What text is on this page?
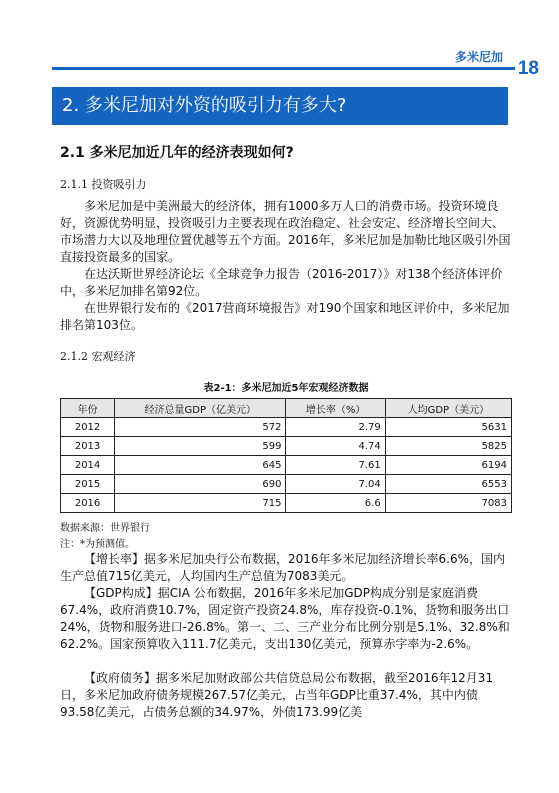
多米尼加
18
2. 多米尼加对外资的吸引力有多大?
2.1 多米尼加近几年的经济表现如何?
2.1.1 投资吸引力

多米尼加是中美洲最大的经济体，拥有1000多万人口的消费市场。投资环境良好，资源优势明显，投资吸引力主要表现在政治稳定、社会安定、经济增长空间大、市场潜力大以及地理位置优越等五个方面。2016年，多米尼加是加勒比地区吸引外国直接投资最多的国家。

在达沃斯世界经济论坛《全球竞争力报告（2016-2017）》对138个经济体评价中，多米尼加排名第92位。

在世界银行发布的《2017营商环境报告》对190个国家和地区评价中，多米尼加排名第103位。

2.1.2 宏观经济
表2-1：多米尼加近5年宏观经济数据
年份	经济总量GDP（亿美元）	增长率（%）	人均GDP（美元）
2012	572	2.79	5631
2013	599	4.74	5825
2014	645	7.61	6194
2015	690	7.04	6553
2016	715	6.6	7083
数据来源：世界银行
注：*为预测值。

【增长率】据多米尼加央行公布数据，2016年多米尼加经济增长率6.6%，国内生产总值715亿美元，人均国内生产总值为7083美元。

【GDP构成】据CIA 公布数据，2016年多米尼加GDP构成分别是家庭消费67.4%，政府消费10.7%，固定资产投资24.8%，库存投资-0.1%，货物和服务出口24%，货物和服务进口-26.8%。第一、二、三产业分布比例分别是5.1%、32.8%和62.2%。国家预算收入111.7亿美元，支出130亿美元，预算赤字率为-2.6%。

【政府债务】据多米尼加财政部公共信贷总局公布数据，截至2016年12月31日，多米尼加政府债务规模267.57亿美元，占当年GDP比重37.4%，其中内债93.58亿美元，占债务总额的34.97%，外债173.99亿美
